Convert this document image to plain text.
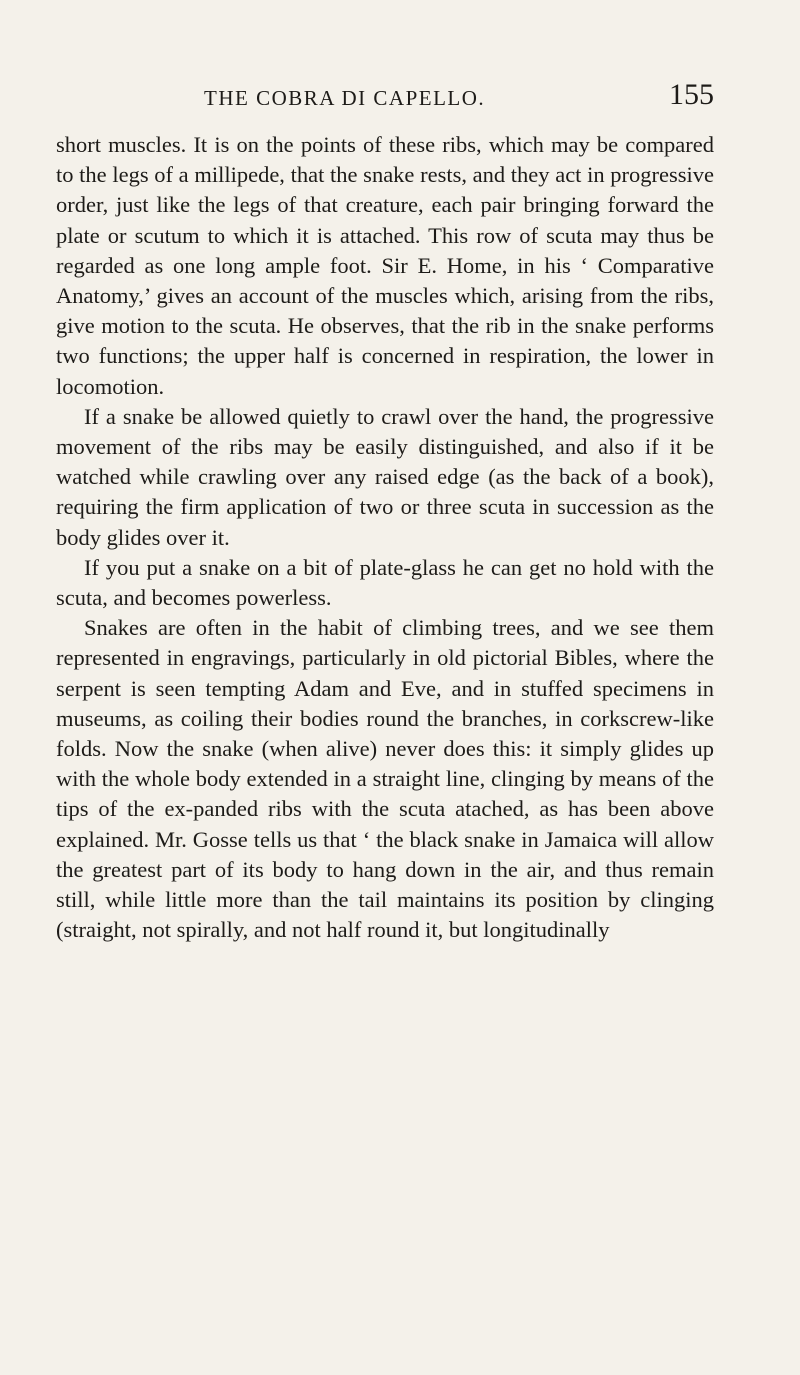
THE COBRA DI CAPELLO.	155

short muscles. It is on the points of these ribs, which may be compared to the legs of a millipede, that the snake rests, and they act in progressive order, just like the legs of that creature, each pair bringing forward the plate or scutum to which it is attached. This row of scuta may thus be regarded as one long ample foot. Sir E. Home, in his ‘ Comparative Anatomy,’ gives an account of the muscles which, arising from the ribs, give motion to the scuta. He observes, that the rib in the snake performs two functions; the upper half is concerned in respiration, the lower in locomotion.

If a snake be allowed quietly to crawl over the hand, the progressive movement of the ribs may be easily distinguished, and also if it be watched while crawling over any raised edge (as the back of a book), requiring the firm application of two or three scuta in succession as the body glides over it.

If you put a snake on a bit of plate-glass he can get no hold with the scuta, and becomes powerless.

Snakes are often in the habit of climbing trees, and we see them represented in engravings, particularly in old pictorial Bibles, where the serpent is seen tempting Adam and Eve, and in stuffed specimens in museums, as coiling their bodies round the branches, in corkscrew-like folds. Now the snake (when alive) never does this: it simply glides up with the whole body extended in a straight line, clinging by means of the tips of the ex-panded ribs with the scuta atached, as has been above explained. Mr. Gosse tells us that ‘ the black snake in Jamaica will allow the greatest part of its body to hang down in the air, and thus remain still, while little more than the tail maintains its position by clinging (straight, not spirally, and not half round it, but longitudinally
